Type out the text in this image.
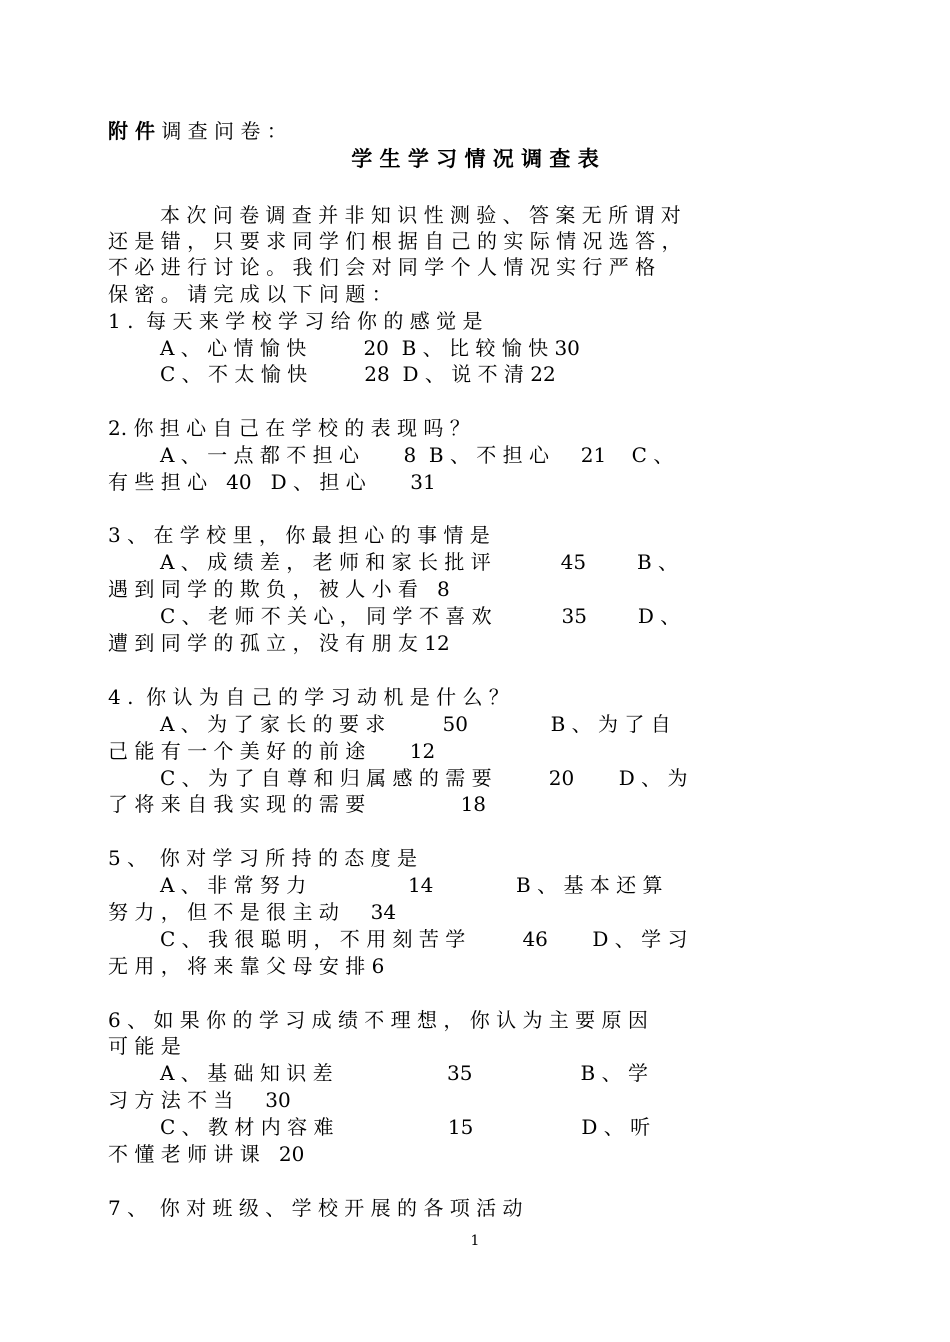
附 件 调 查 问 卷 ：
学 生 学 习 情 况 调 查 表
　本 次 问 卷 调 查 并 非 知 识 性 测 验 、 答 案 无 所 谓 对
还 是 错 ， 只 要 求 同 学 们 根 据 自 己 的 实 际 情 况 选 答 ，
不 必 进 行 讨 论 。 我 们 会 对 同 学 个 人 情 况 实 行 严 格
保 密 。 请 完 成 以 下 问 题 ：
1 .  每 天 来 学 校 学 习 给 你 的 感 觉 是
A 、 心 情 愉 快         20  B 、 比 较 愉 快 30
C 、 不 太 愉 快         28  D 、 说 不 清 22
2. 你 担 心 自 己 在 学 校 的 表 现 吗 ？
A 、 一 点 都 不 担 心       8  B 、 不 担 心     21    C 、
有 些 担 心   40   D 、 担 心       31
3 、 在 学 校 里 ， 你 最 担 心 的 事 情 是
A 、 成 绩 差 ， 老 师 和 家 长 批 评           45        B 、
遇 到 同 学 的 欺 负 ， 被 人 小 看   8
C 、 老 师 不 关 心 ， 同 学 不 喜 欢           35        D 、
遭 到 同 学 的 孤 立 ， 没 有 朋 友 12
4 .  你 认 为 自 己 的 学 习 动 机 是 什 么 ？
A 、 为 了 家 长 的 要 求         50             B 、 为 了 自
己 能 有 一 个 美 好 的 前 途       12
C 、 为 了 自 尊 和 归 属 感 的 需 要         20       D 、 为
了 将 来 自 我 实 现 的 需 要               18
5 、  你 对 学 习 所 持 的 态 度 是
A 、 非 常 努 力                14             B 、 基 本 还 算
努 力 ， 但 不 是 很 主 动     34
C 、 我 很 聪 明 ， 不 用 刻 苦 学         46       D 、 学 习
无 用 ， 将 来 靠 父 母 安 排 6
6 、 如 果 你 的 学 习 成 绩 不 理 想 ， 你 认 为 主 要 原 因
可 能 是
A 、 基 础 知 识 差                  35                 B 、 学
习 方 法 不 当     30
C 、 教 材 内 容 难                  15                 D 、 听
不 懂 老 师 讲 课   20
7 、  你 对 班 级 、 学 校 开 展 的 各 项 活 动
1
